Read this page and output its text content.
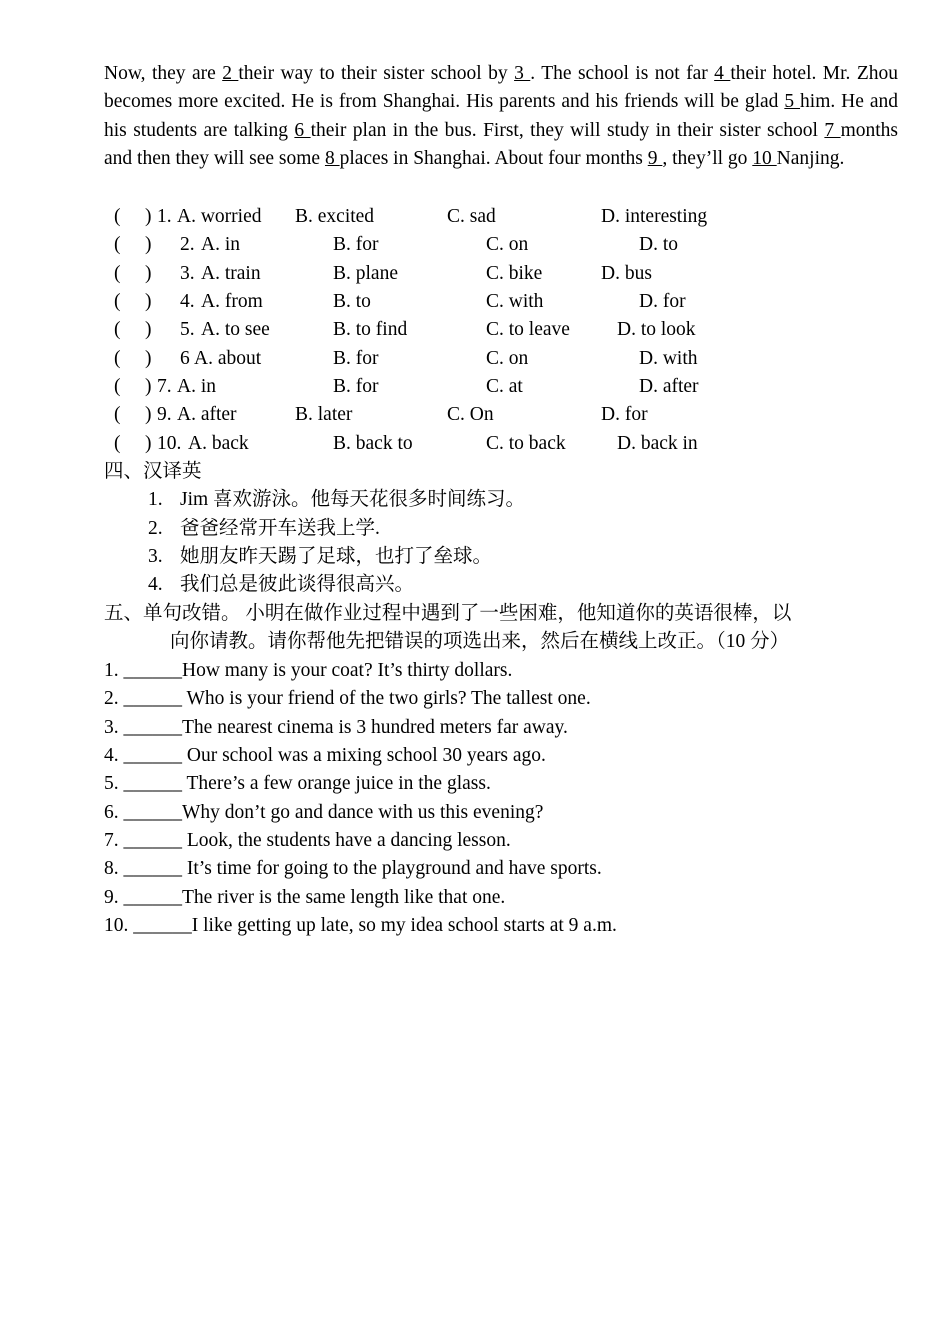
Now, they are 2 their way to their sister school by 3 . The school is not far 4 their hotel. Mr. Zhou becomes more excited. He is from Shanghai. His parents and his friends will be glad 5 him. He and his students are talking 6 their plan in the bus. First, they will study in their sister school 7 months and then they will see some 8 places in Shanghai. About four months 9 , they’ll go 10 Nanjing.
( ) 1. A. worried B. excited	C. sad	D. interesting
( ) 2. A. in	B. for	C. on	D. to
( ) 3. A. train	B. plane	C. bike	D. bus
( ) 4. A. from	B. to	C. with	D. for
( ) 5. A. to see	B. to find	C. to leave D. to look
( ) 6 A. about	B. for	C. on	D. with
( ) 7. A. in	B. for	C. at	D. after
( ) 9. A. after	B. later	C. On	D. for
( ) 10. A. back	B. back to	C. to back	D. back in
四、汉译英
1. Jim 喜欢游泳。他每天花很多时间练习。
2. 爸爸经常开车送我上学.
3. 她朋友昨天踢了足球，也打了垒球。
4. 我们总是彼此谈得很高兴。
五、单句改错。 小明在做作业过程中遇到了一些困难，他知道你的英语很棒，以
向你请教。请你帮他先把错误的项选出来，然后在横线上改正。（10 分）
1. ______How many is your coat? It’s thirty dollars.
2. ______ Who is your friend of the two girls? The tallest one.
3. ______The nearest cinema is 3 hundred meters far away.
4. ______ Our school was a mixing school 30 years ago.
5. ______ There’s a few orange juice in the glass.
6. ______Why don’t go and dance with us this evening?
7. ______ Look, the students have a dancing lesson.
8. ______ It’s time for going to the playground and have sports.
9. ______The river is the same length like that one.
10. ______I like getting up late, so my idea school starts at 9 a.m.
